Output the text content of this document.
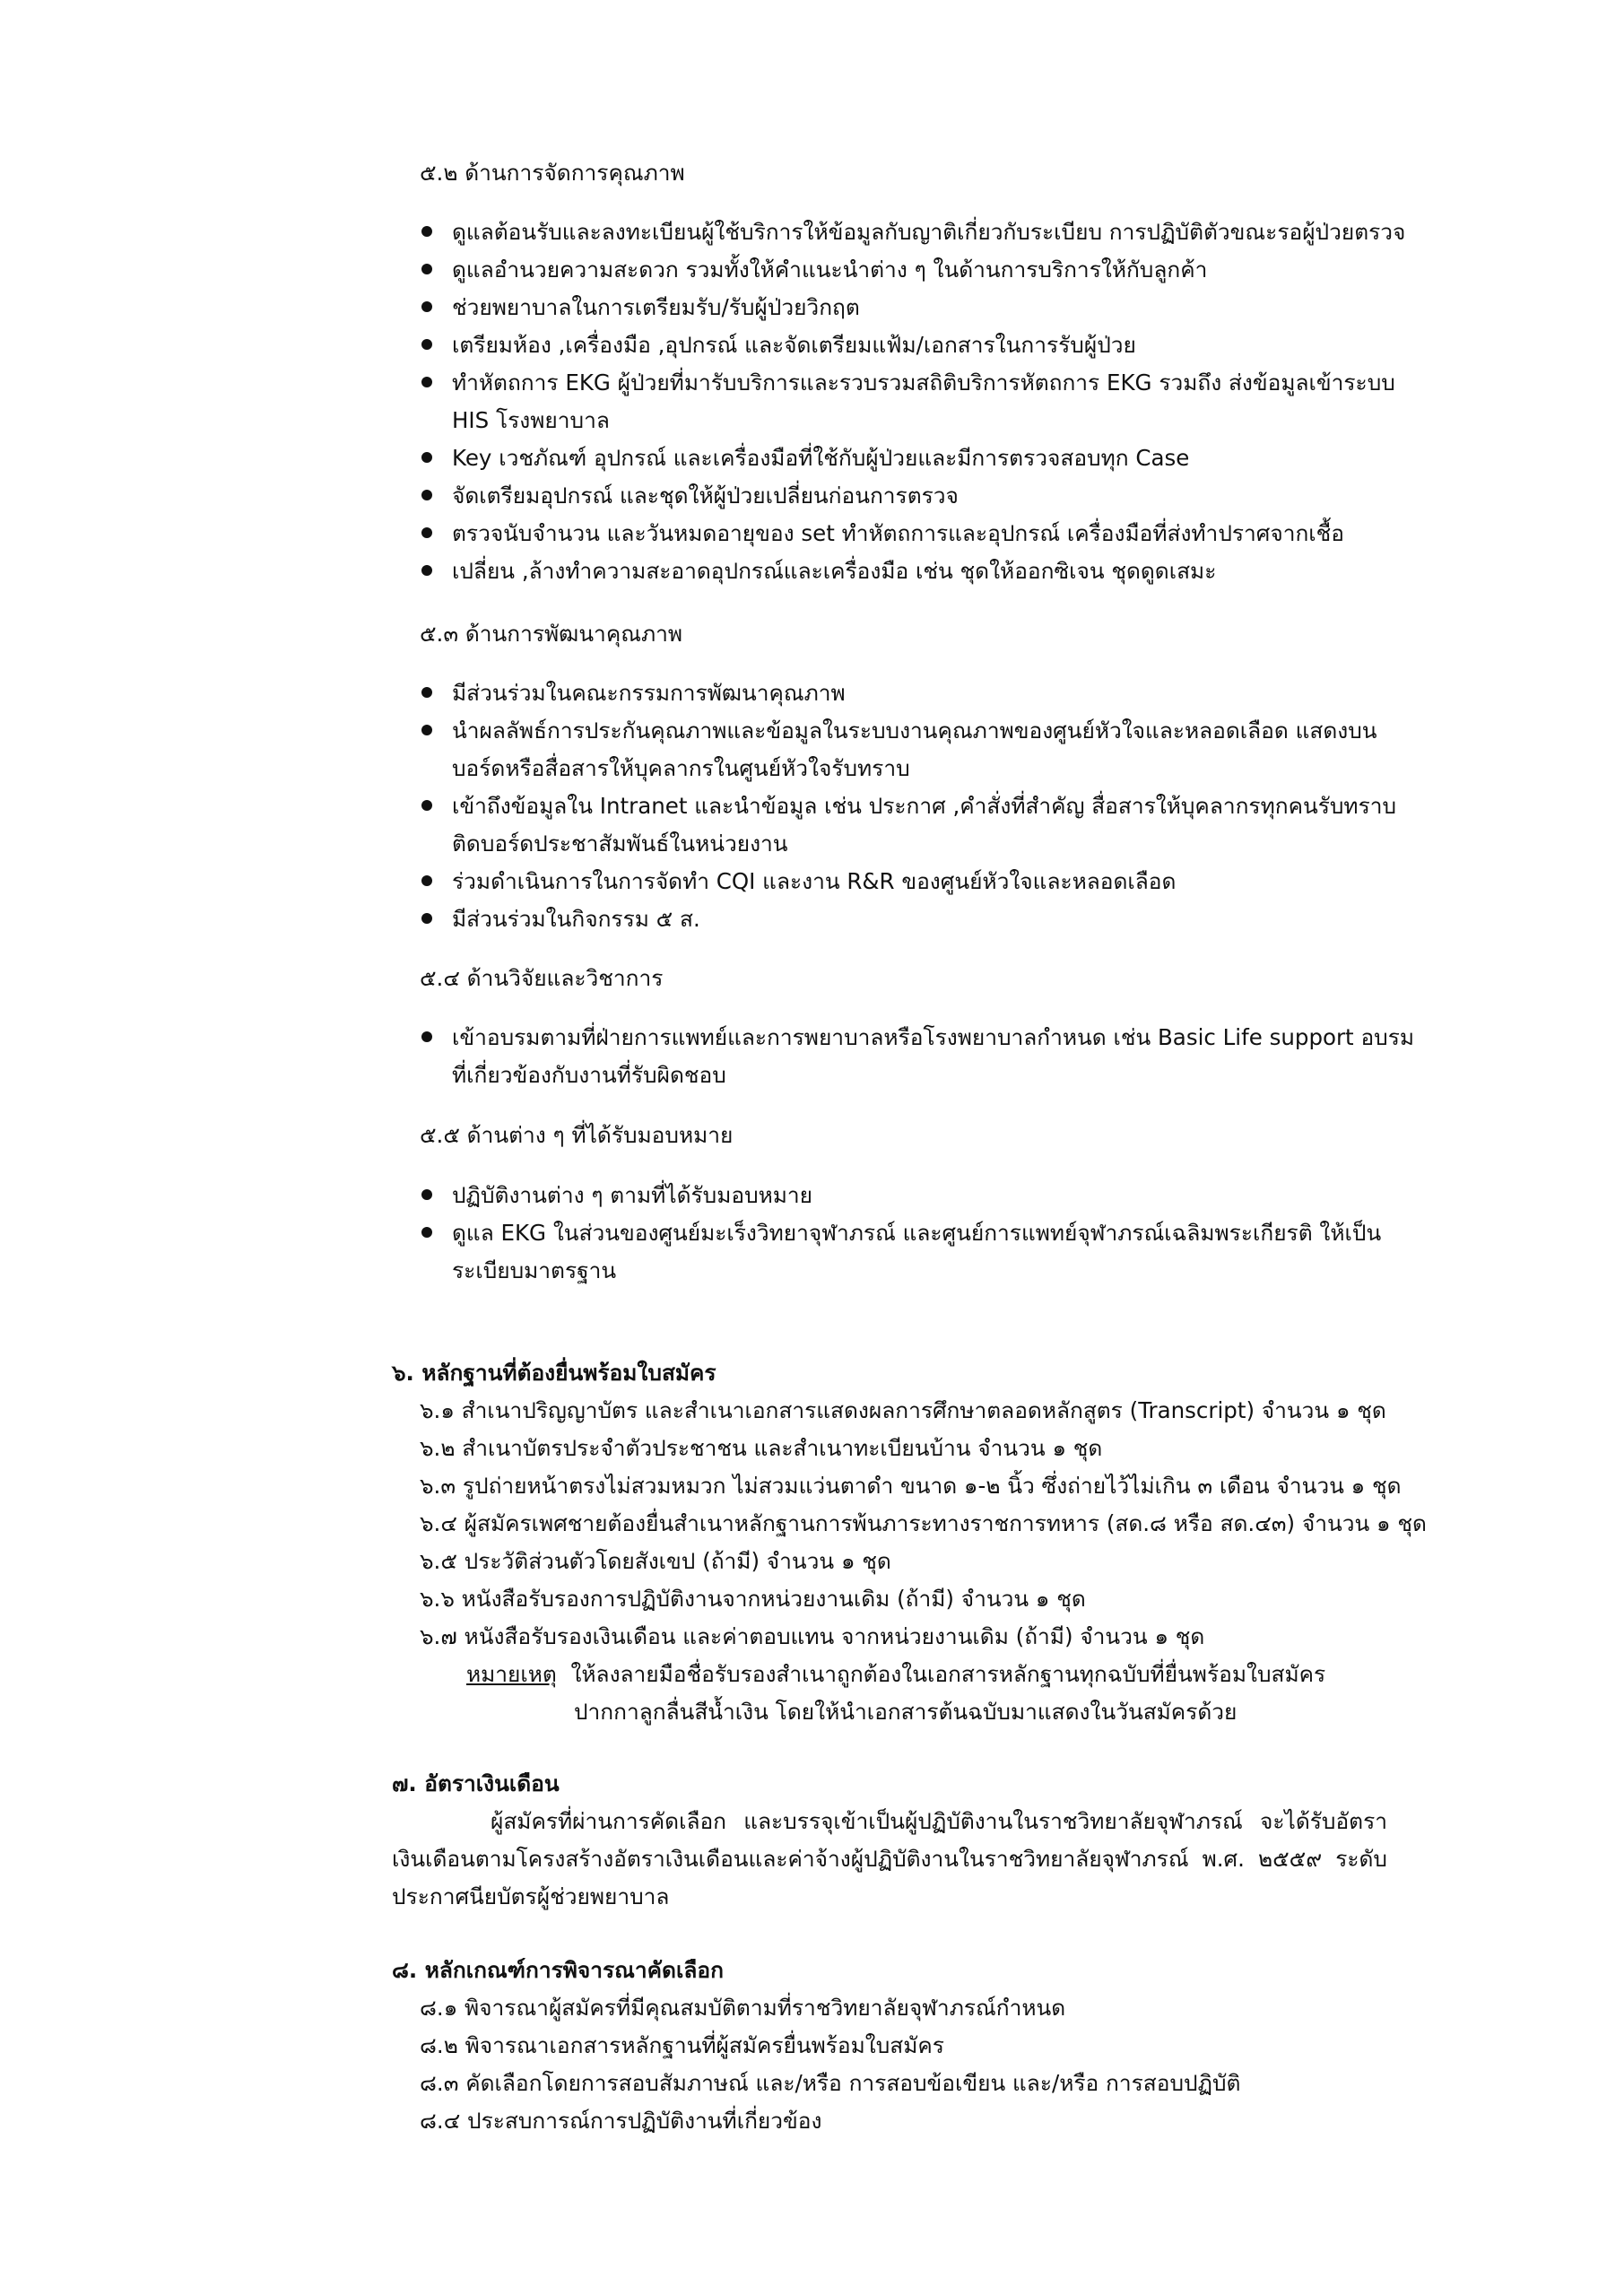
๕.๒ ด้านการจัดการคุณภาพ

ดูแลต้อนรับและลงทะเบียนผู้ใช้บริการให้ข้อมูลกับญาติเกี่ยวกับระเบียบ การปฏิบัติตัวขณะรอผู้ป่วยตรวจ
ดูแลอำนวยความสะดวก รวมทั้งให้คำแนะนำต่าง ๆ ในด้านการบริการให้กับลูกค้า
ช่วยพยาบาลในการเตรียมรับ/รับผู้ป่วยวิกฤต
เตรียมห้อง ,เครื่องมือ ,อุปกรณ์ และจัดเตรียมแฟ้ม/เอกสารในการรับผู้ป่วย
ทำหัตถการ EKG ผู้ป่วยที่มารับบริการและรวบรวมสถิติบริการหัตถการ EKG รวมถึง ส่งข้อมูลเข้าระบบ HIS โรงพยาบาล
Key เวชภัณฑ์ อุปกรณ์ และเครื่องมือที่ใช้กับผู้ป่วยและมีการตรวจสอบทุก Case
จัดเตรียมอุปกรณ์ และชุดให้ผู้ป่วยเปลี่ยนก่อนการตรวจ
ตรวจนับจำนวน และวันหมดอายุของ set ทำหัตถการและอุปกรณ์ เครื่องมือที่ส่งทำปราศจากเชื้อ
เปลี่ยน ,ล้างทำความสะอาดอุปกรณ์และเครื่องมือ เช่น ชุดให้ออกซิเจน ชุดดูดเสมะ

๕.๓ ด้านการพัฒนาคุณภาพ

มีส่วนร่วมในคณะกรรมการพัฒนาคุณภาพ
นำผลลัพธ์การประกันคุณภาพและข้อมูลในระบบงานคุณภาพของศูนย์หัวใจและหลอดเลือด แสดงบนบอร์ดหรือสื่อสารให้บุคลากรในศูนย์หัวใจรับทราบ
เข้าถึงข้อมูลใน Intranet และนำข้อมูล เช่น ประกาศ ,คำสั่งที่สำคัญ สื่อสารให้บุคลากรทุกคนรับทราบติดบอร์ดประชาสัมพันธ์ในหน่วยงาน
ร่วมดำเนินการในการจัดทำ CQI และงาน R&R ของศูนย์หัวใจและหลอดเลือด
มีส่วนร่วมในกิจกรรม ๕ ส.

๕.๔ ด้านวิจัยและวิชาการ

เข้าอบรมตามที่ฝ่ายการแพทย์และการพยาบาลหรือโรงพยาบาลกำหนด เช่น Basic Life support อบรมที่เกี่ยวข้องกับงานที่รับผิดชอบ

๕.๕ ด้านต่าง ๆ ที่ได้รับมอบหมาย

ปฏิบัติงานต่าง ๆ ตามที่ได้รับมอบหมาย
ดูแล EKG ในส่วนของศูนย์มะเร็งวิทยาจุฬาภรณ์ และศูนย์การแพทย์จุฬาภรณ์เฉลิมพระเกียรติ ให้เป็นระเบียบมาตรฐาน

๖. หลักฐานที่ต้องยื่นพร้อมใบสมัคร

๖.๑ สำเนาปริญญาบัตร และสำเนาเอกสารแสดงผลการศึกษาตลอดหลักสูตร (Transcript) จำนวน ๑ ชุด
๖.๒ สำเนาบัตรประจำตัวประชาชน และสำเนาทะเบียนบ้าน จำนวน ๑ ชุด
๖.๓ รูปถ่ายหน้าตรงไม่สวมหมวก ไม่สวมแว่นตาดำ ขนาด ๑-๒ นิ้ว ซึ่งถ่ายไว้ไม่เกิน ๓ เดือน จำนวน ๑ ชุด
๖.๔ ผู้สมัครเพศชายต้องยื่นสำเนาหลักฐานการพ้นภาระทางราชการทหาร (สด.๘ หรือ สด.๔๓) จำนวน ๑ ชุด
๖.๕ ประวัติส่วนตัวโดยสังเขป (ถ้ามี) จำนวน ๑ ชุด
๖.๖ หนังสือรับรองการปฏิบัติงานจากหน่วยงานเดิม (ถ้ามี) จำนวน ๑ ชุด
๖.๗ หนังสือรับรองเงินเดือน และค่าตอบแทน จากหน่วยงานเดิม (ถ้ามี) จำนวน ๑ ชุด

หมายเหตุ ให้ลงลายมือชื่อรับรองสำเนาถูกต้องในเอกสารหลักฐานทุกฉบับที่ยื่นพร้อมใบสมัคร

ปากกาลูกลื่นสีน้ำเงิน โดยให้นำเอกสารต้นฉบับมาแสดงในวันสมัครด้วย

๗. อัตราเงินเดือน

ผู้สมัครที่ผ่านการคัดเลือก และบรรจุเข้าเป็นผู้ปฏิบัติงานในราชวิทยาลัยจุฬาภรณ์ จะได้รับอัตราเงินเดือนตามโครงสร้างอัตราเงินเดือนและค่าจ้างผู้ปฏิบัติงานในราชวิทยาลัยจุฬาภรณ์ พ.ศ. ๒๕๕๙ ระดับประกาศนียบัตรผู้ช่วยพยาบาล

๘. หลักเกณฑ์การพิจารณาคัดเลือก

๘.๑ พิจารณาผู้สมัครที่มีคุณสมบัติตามที่ราชวิทยาลัยจุฬาภรณ์กำหนด
๘.๒ พิจารณาเอกสารหลักฐานที่ผู้สมัครยื่นพร้อมใบสมัคร
๘.๓ คัดเลือกโดยการสอบสัมภาษณ์ และ/หรือ การสอบข้อเขียน และ/หรือ การสอบปฏิบัติ
๘.๔ ประสบการณ์การปฏิบัติงานที่เกี่ยวข้อง
